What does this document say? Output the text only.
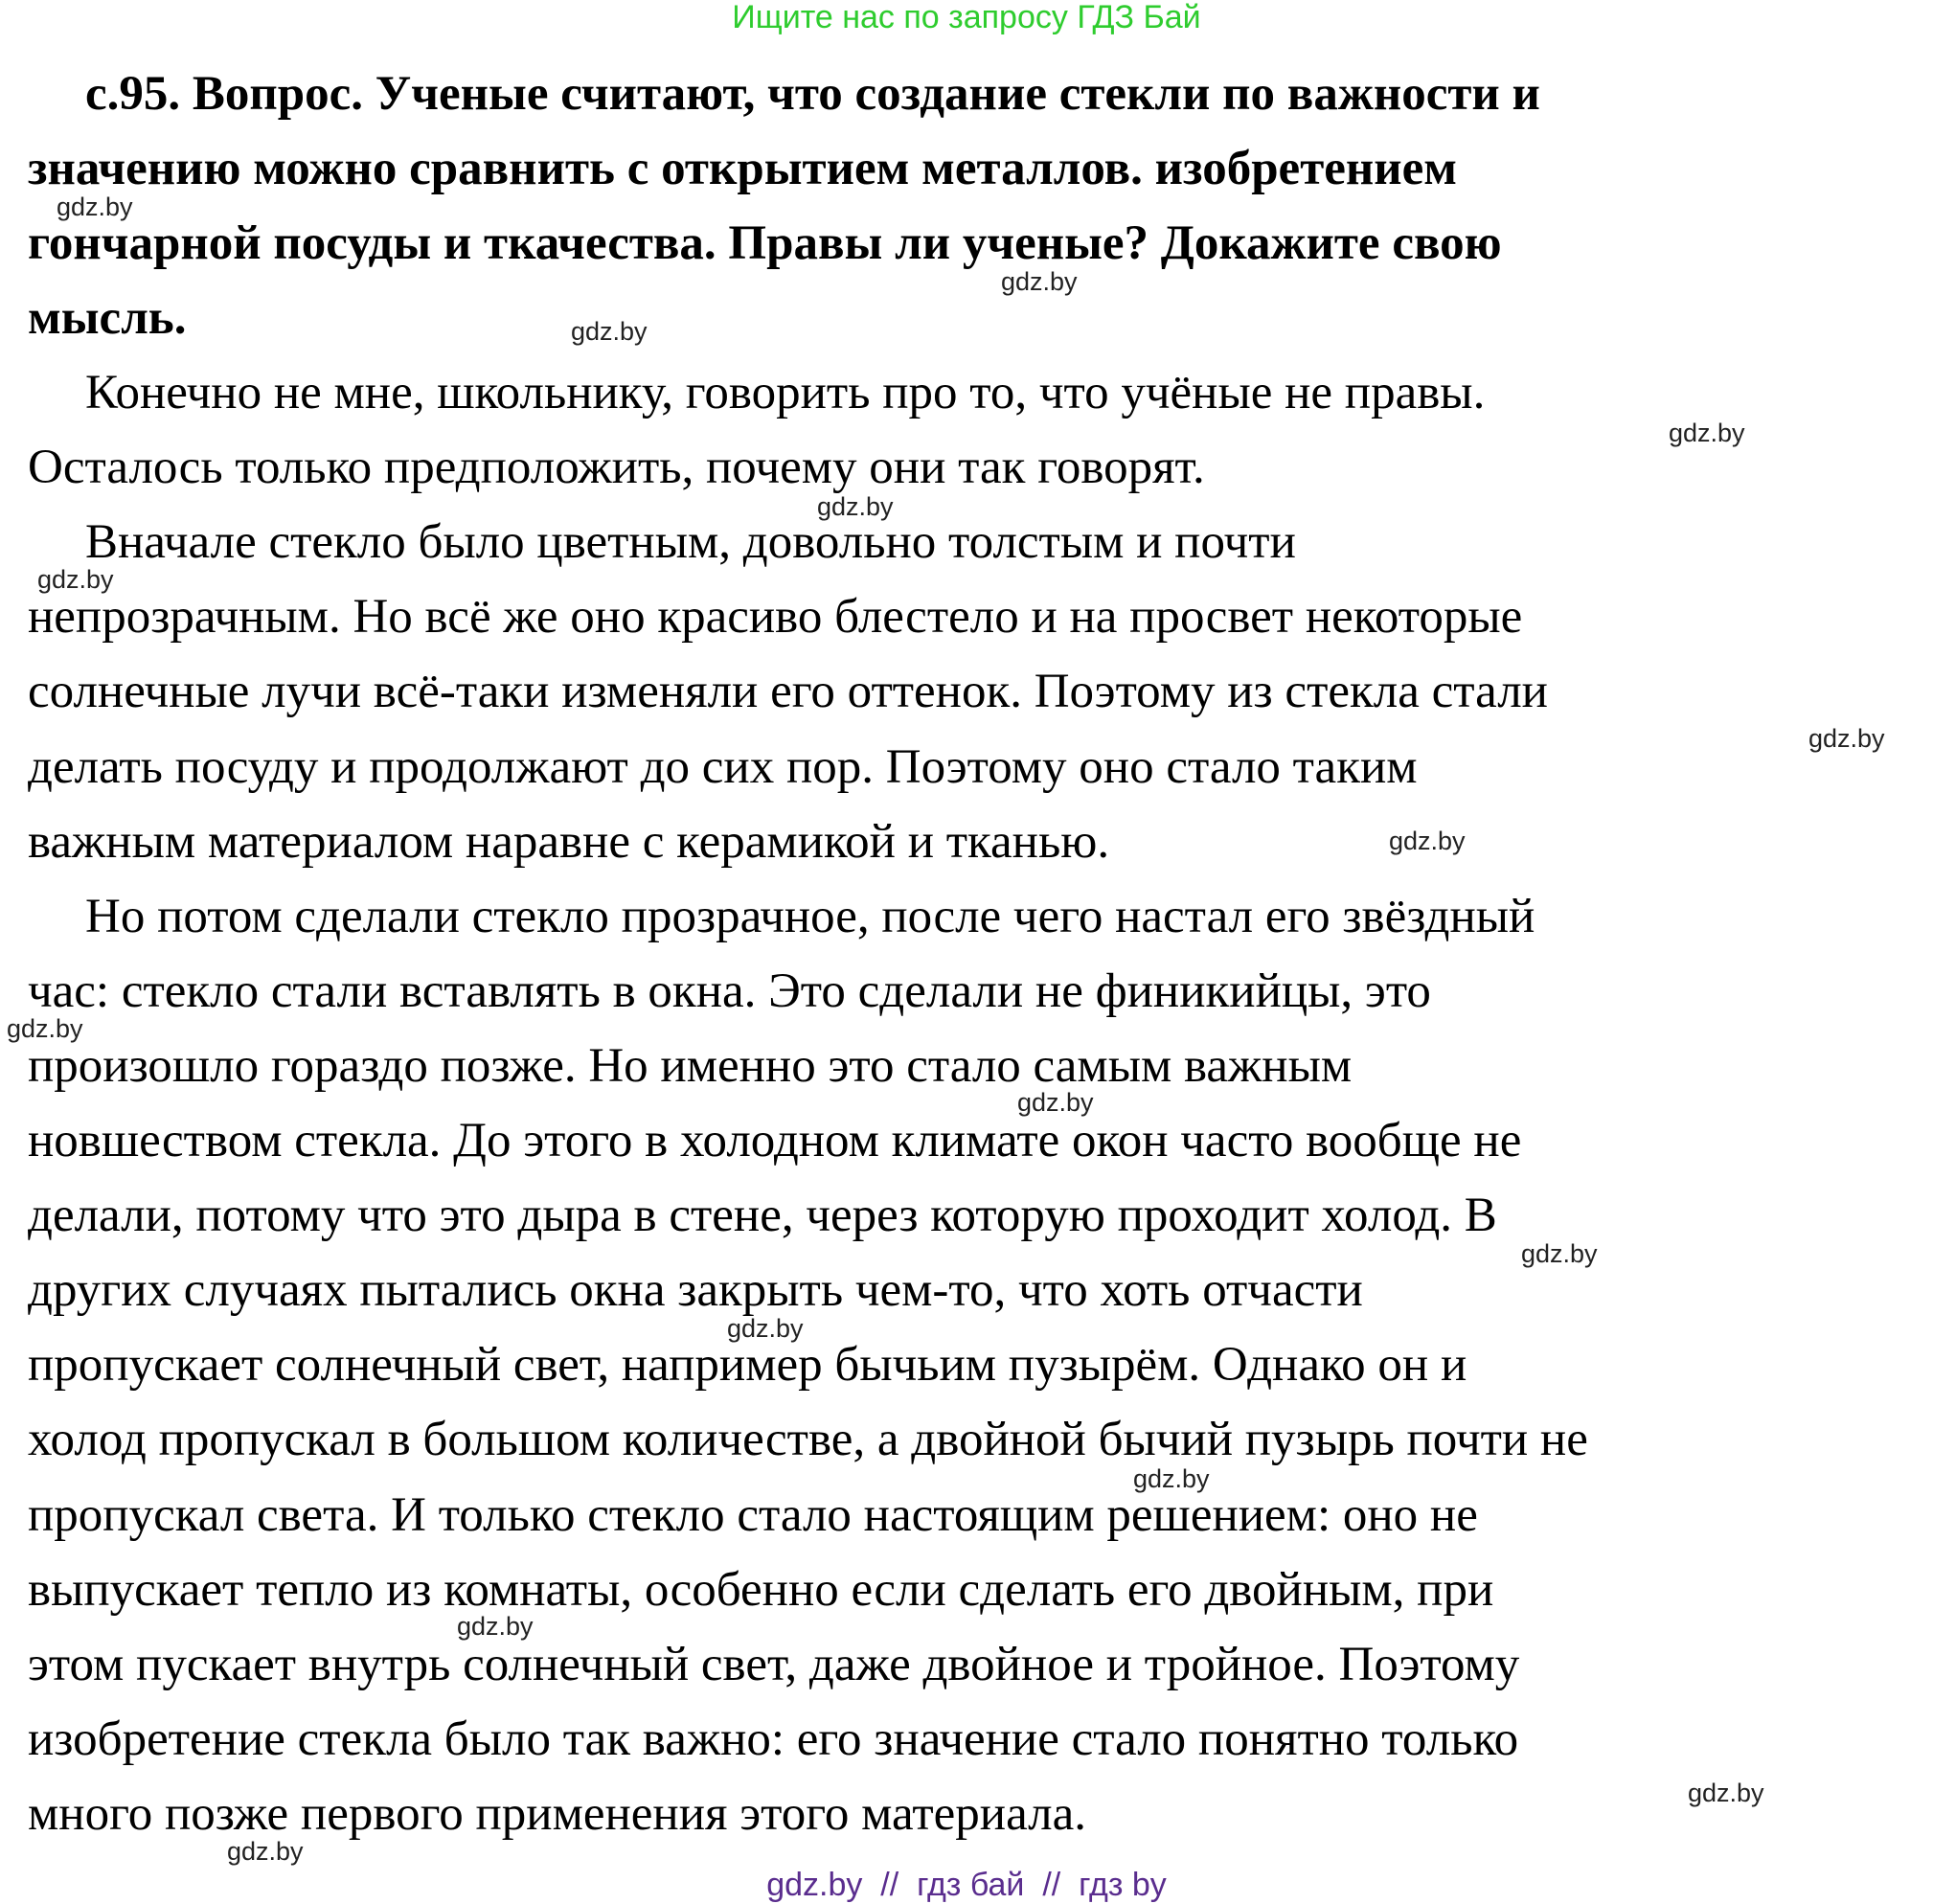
Ищите нас по запросу ГДЗ Бай
с.95. Вопрос. Ученые считают, что создание стекли по важности и
значению можно сравнить с открытием металлов. изобретением
гончарной посуды и ткачества. Правы ли ученые? Докажите свою
мысль.
Конечно не мне, школьнику, говорить про то, что учёные не правы.
Осталось только предположить, почему они так говорят.
Вначале стекло было цветным, довольно толстым и почти
непрозрачным. Но всё же оно красиво блестело и на просвет некоторые
солнечные лучи всё-таки изменяли его оттенок. Поэтому из стекла стали
делать посуду и продолжают до сих пор. Поэтому оно стало таким
важным материалом наравне с керамикой и тканью.
Но потом сделали стекло прозрачное, после чего настал его звёздный
час: стекло стали вставлять в окна. Это сделали не финикийцы, это
произошло гораздо позже. Но именно это стало самым важным
новшеством стекла. До этого в холодном климате окон часто вообще не
делали, потому что это дыра в стене, через которую проходит холод. В
других случаях пытались окна закрыть чем-то, что хоть отчасти
пропускает солнечный свет, например бычьим пузырём. Однако он и
холод пропускал в большом количестве, а двойной бычий пузырь почти не
пропускал света. И только стекло стало настоящим решением: оно не
выпускает тепло из комнаты, особенно если сделать его двойным, при
этом пускает внутрь солнечный свет, даже двойное и тройное. Поэтому
изобретение стекла было так важно: его значение стало понятно только
много позже первого применения этого материала.
gdz.by
gdz.by
gdz.by
gdz.by
gdz.by
gdz.by
gdz.by
gdz.by
gdz.by
gdz.by
gdz.by
gdz.by
gdz.by
gdz.by
gdz.by
gdz.by
gdz.by  //  гдз бай  //  гдз by
